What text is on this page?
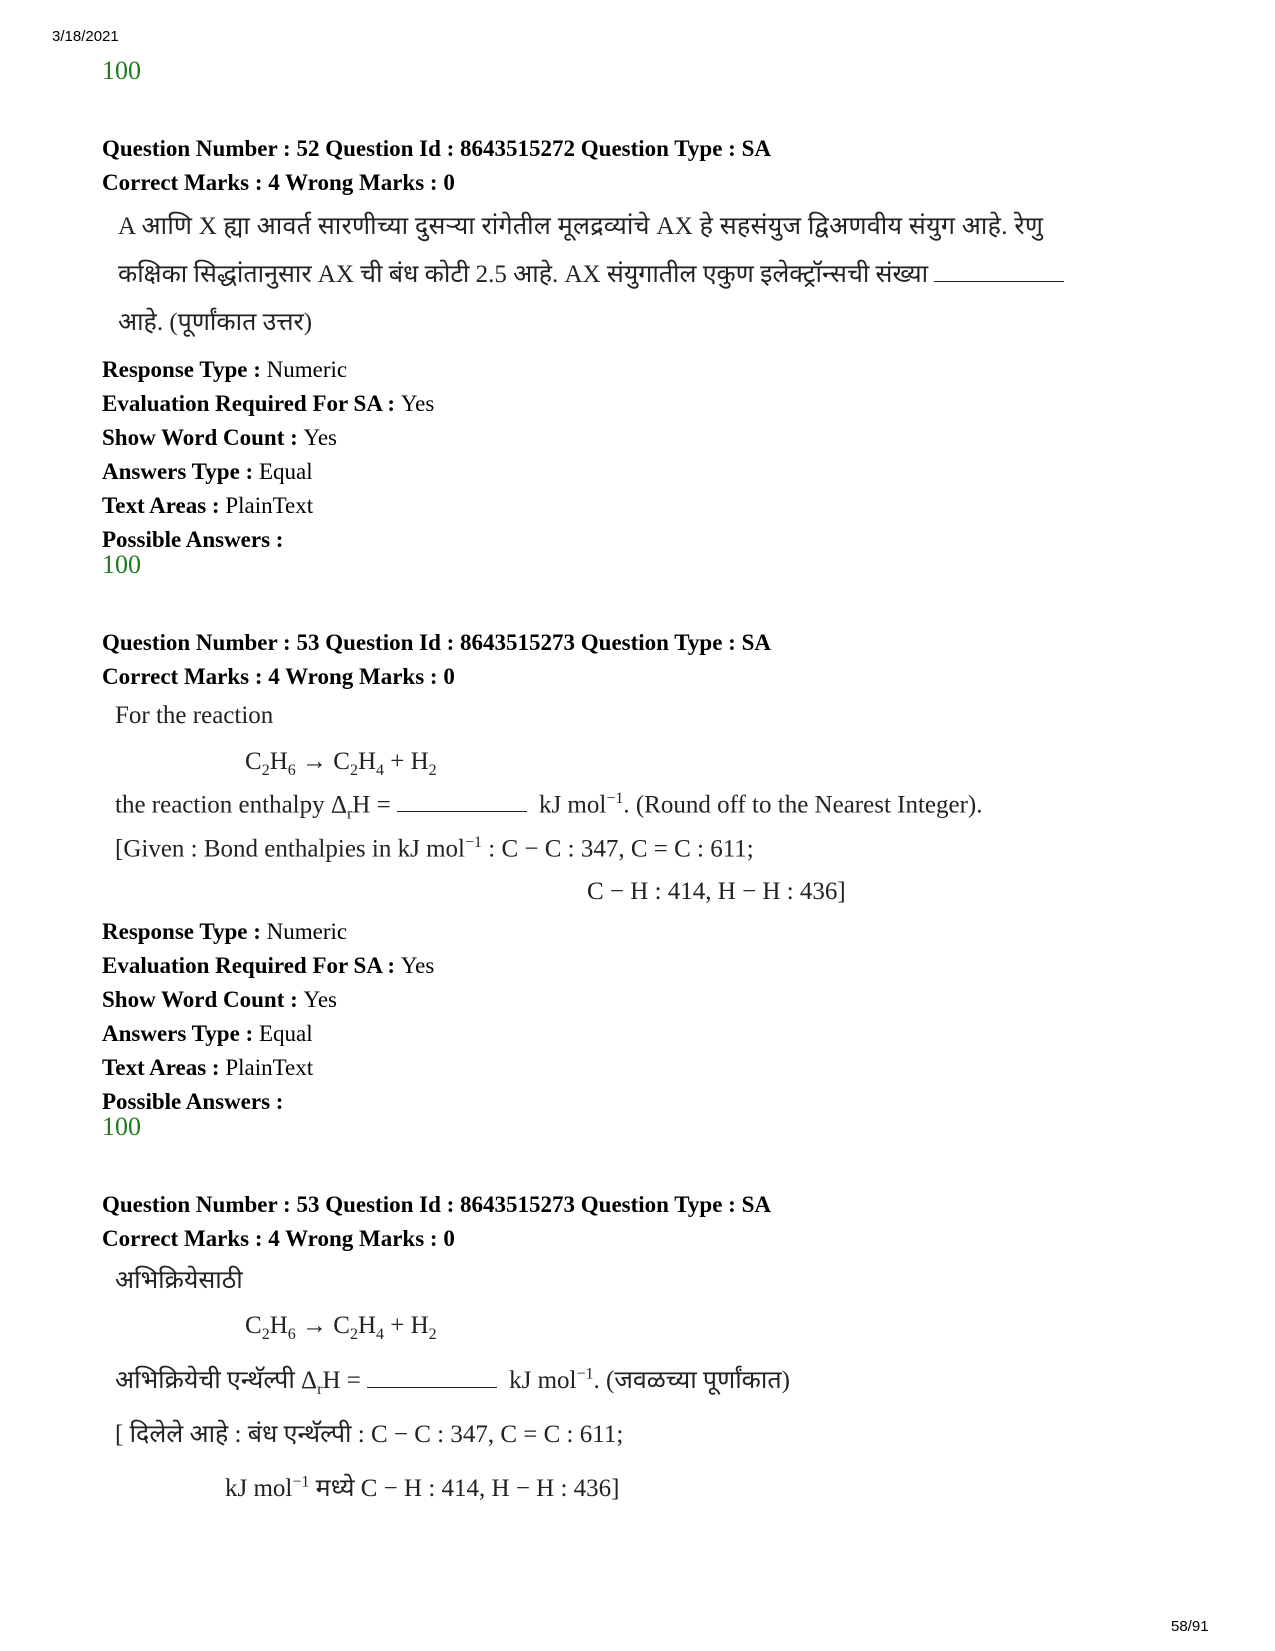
3/18/2021
100
Question Number : 52 Question Id : 8643515272 Question Type : SA
Correct Marks : 4 Wrong Marks : 0
A आणि X ह्या आवर्त सारणीच्या दुसऱ्या रांगेतील मूलद्रव्यांचे AX हे सहसंयुज द्विअणवीय संयुग आहे. रेणु
कक्षिका सिद्धांतानुसार AX ची बंध कोटी 2.5 आहे. AX संयुगातील एकुण इलेक्ट्रॉन्सची संख्या
आहे. (पूर्णांकात उत्तर)
Response Type : Numeric
Evaluation Required For SA : Yes
Show Word Count : Yes
Answers Type : Equal
Text Areas : PlainText
Possible Answers :
100
Question Number : 53 Question Id : 8643515273 Question Type : SA
Correct Marks : 4 Wrong Marks : 0
For the reaction
$C_2H_6 \to C_2H_4 + H_2$
the reaction enthalpy $\Delta_rH$ =	kJ mol$^{-1}$. (Round off to the Nearest Integer).
[Given : Bond enthalpies in kJ mol$^{-1}$ : C − C : 347, C = C : 611;
C − H : 414, H − H : 436]
Response Type : Numeric
Evaluation Required For SA : Yes
Show Word Count : Yes
Answers Type : Equal
Text Areas : PlainText
Possible Answers :
100
Question Number : 53 Question Id : 8643515273 Question Type : SA
Correct Marks : 4 Wrong Marks : 0
अभिक्रियेसाठी
$C_2H_6 \to C_2H_4 + H_2$
अभिक्रियेची एन्थॅल्पी $\Delta_rH$ =	kJ mol$^{-1}$. (जवळच्या पूर्णांकात)
[ दिलेले आहे : बंध एन्थॅल्पी : C − C : 347, C = C : 611;
kJ mol$^{-1}$ मध्ये C − H : 414, H − H : 436]
58/91
